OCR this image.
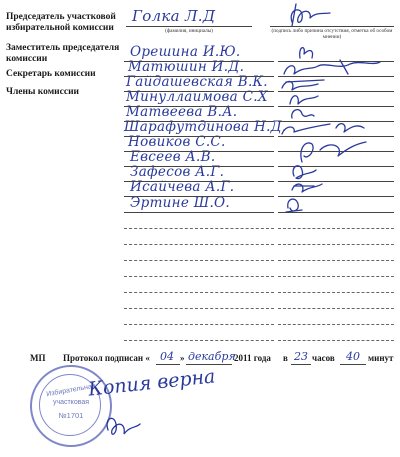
Председатель участковой избирательной комиссии
Заместитель председателя комиссии
Секретарь комиссии
Члены комиссии
Голка Л.Д
(фамилия, инициалы)	(подпись либо причина отсутствия, отметка об особом мнении)
Орешина И.Ю.
Матюшин И.Д.
Гайдашевская В.К.
Минуллаимова С.Х
Матвеева В.А.
Шарафутдинова Н.Д.
Новиков С.С.
Евсеев А.В.
Зафесов А.Г.
Исайчева А.Г.
Эртине Ш.О.
МП Протокол подписан « 04 » декабря
2011 года в 23 часов 40 минут
Избирательная
участковая
№1701
Копия верна
